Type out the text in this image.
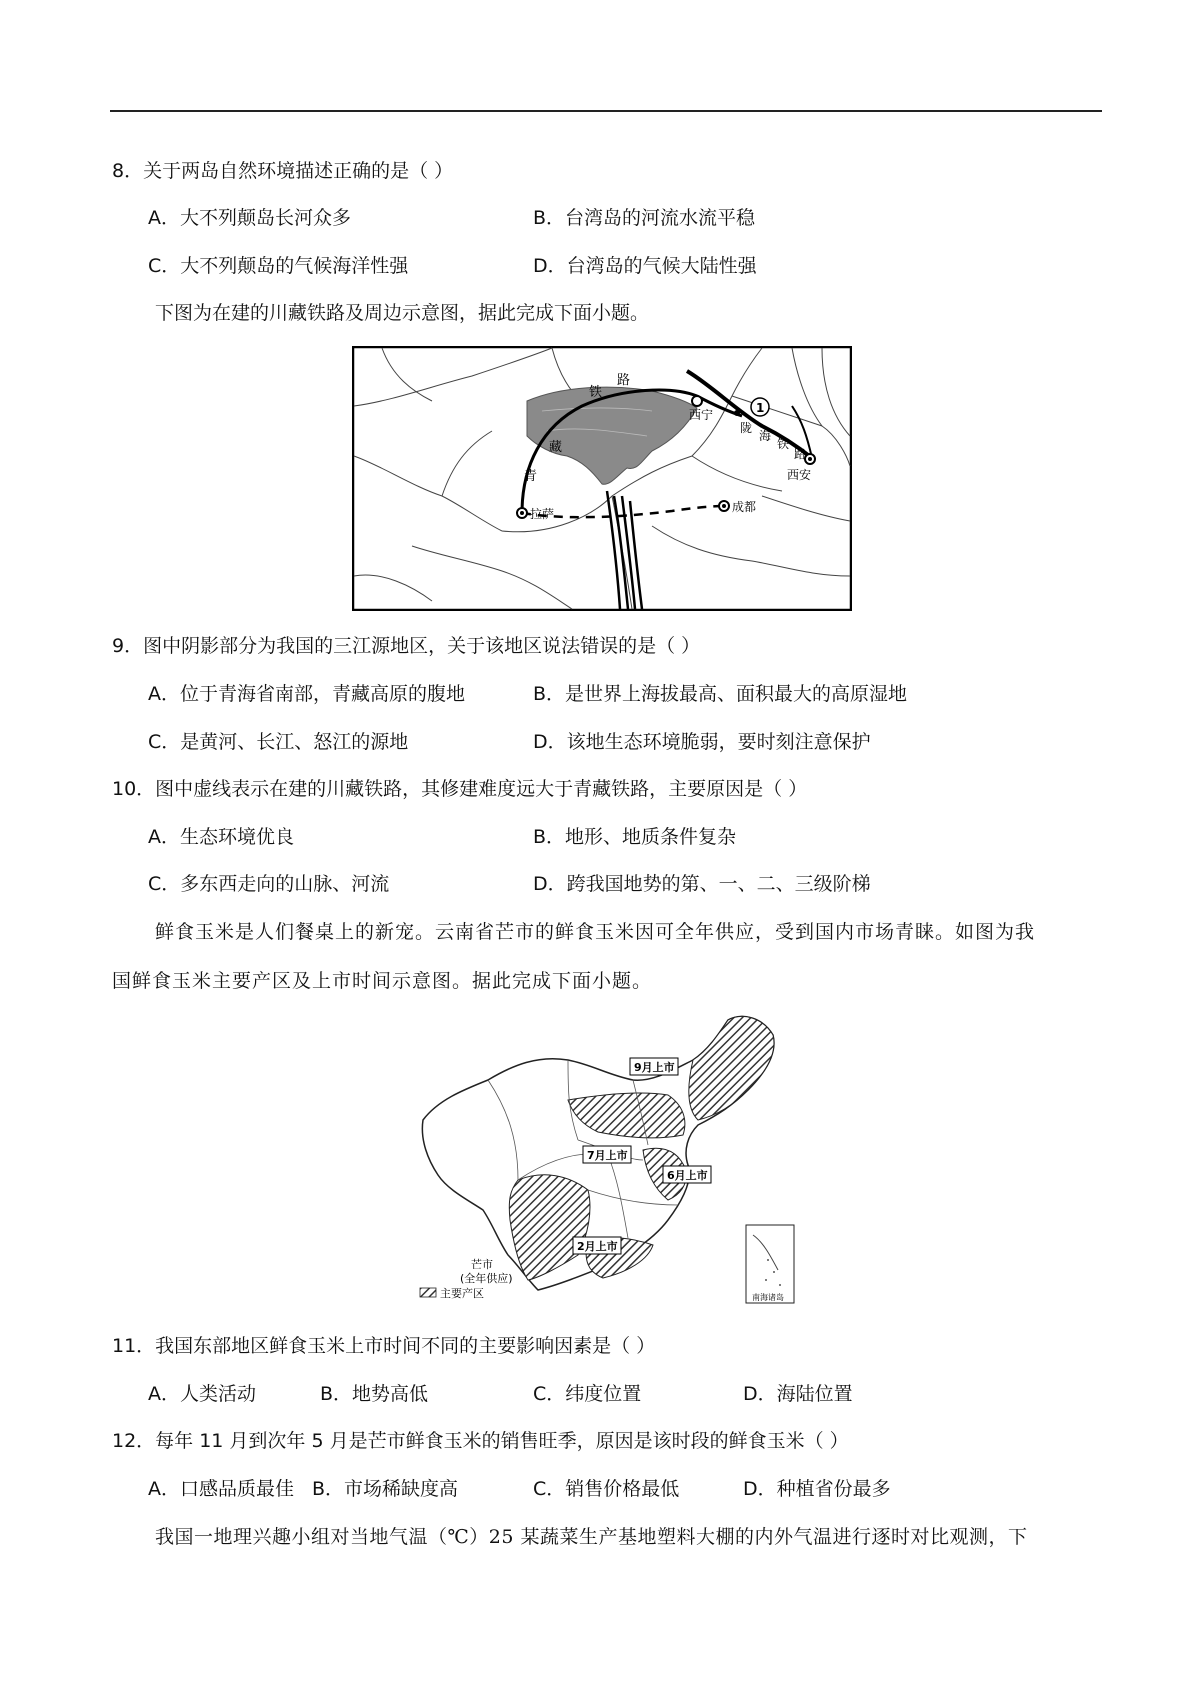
8．关于两岛自然环境描述正确的是（ ）
A．大不列颠岛长河众多	B．台湾岛的河流水流平稳
C．大不列颠岛的气候海洋性强	D．台湾岛的气候大陆性强
下图为在建的川藏铁路及周边示意图，据此完成下面小题。
铁
路
西宁
陇
海
铁
路
西安
藏
青
拉萨	成都
1
9．图中阴影部分为我国的三江源地区，关于该地区说法错误的是（ ）
A．位于青海省南部，青藏高原的腹地	B．是世界上海拔最高、面积最大的高原湿地
C．是黄河、长江、怒江的源地	D．该地生态环境脆弱，要时刻注意保护
10．图中虚线表示在建的川藏铁路，其修建难度远大于青藏铁路，主要原因是（ ）
A．生态环境优良	B．地形、地质条件复杂
C．多东西走向的山脉、河流	D．跨我国地势的第、一、二、三级阶梯
鲜食玉米是人们餐桌上的新宠。云南省芒市的鲜食玉米因可全年供应，受到国内市场青睐。如图为我
国鲜食玉米主要产区及上市时间示意图。据此完成下面小题。
9月上市
7月上市
6月上市
2月上市
芒市
(全年供应)
主要产区	南海诸岛
11．我国东部地区鲜食玉米上市时间不同的主要影响因素是（ ）
A．人类活动	B．地势高低	C．纬度位置	D．海陆位置
12．每年 11 月到次年 5 月是芒市鲜食玉米的销售旺季，原因是该时段的鲜食玉米（ ）
A．口感品质最佳 B．市场稀缺度高	C．销售价格最低	D．种植省份最多
我国一地理兴趣小组对当地气温（℃）25 某蔬菜生产基地塑料大棚的内外气温进行逐时对比观测，下
